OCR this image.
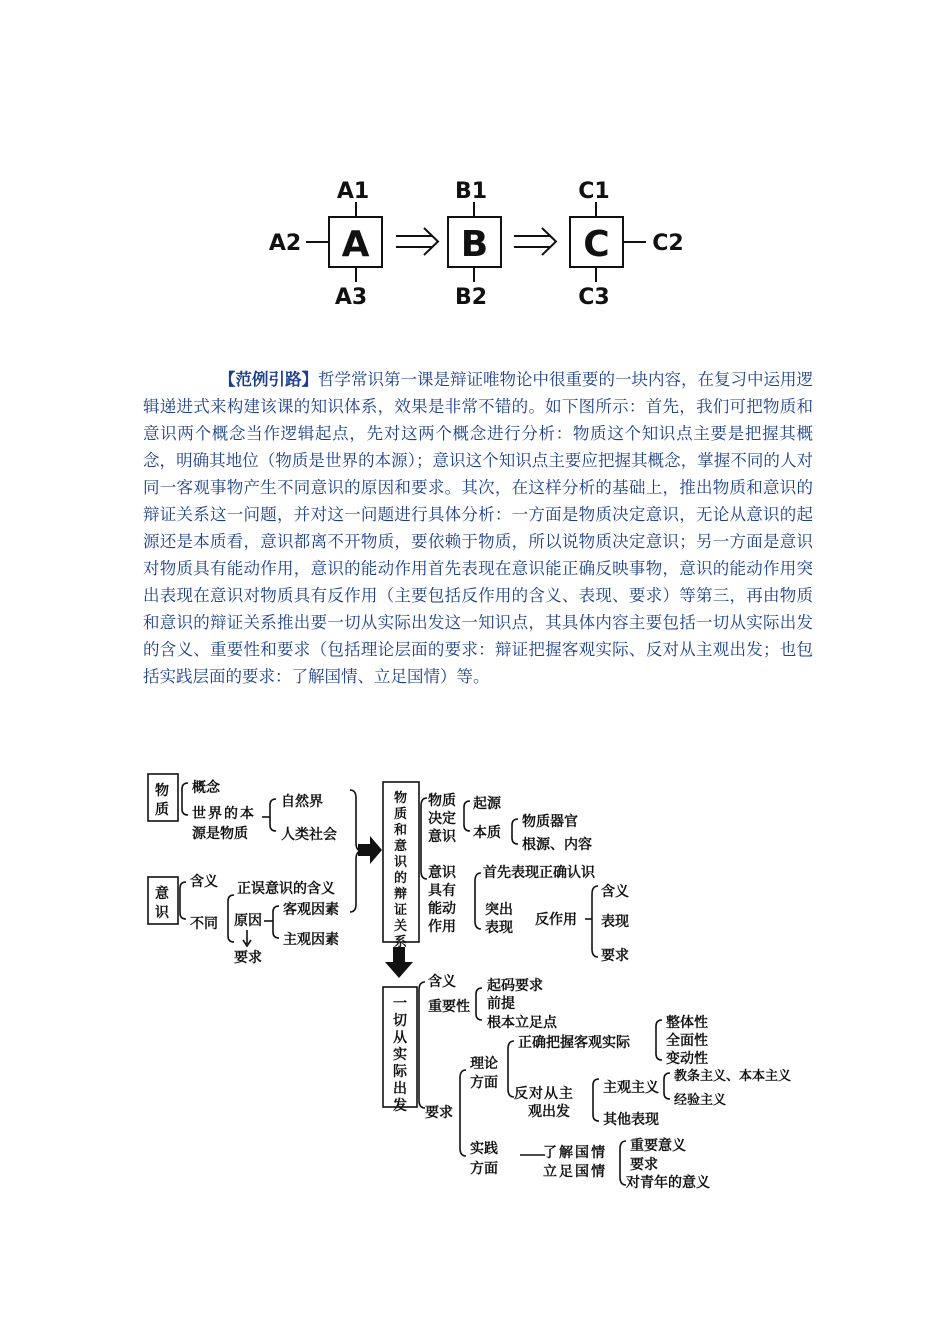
A	B	C
A1
A2
A3
B1
B2
C1
C2
C3

【范例引路】哲学常识第一课是辩证唯物论中很重要的一块内容，在复习中运用逻辑递进式来构建该课的知识体系，效果是非常不错的。如下图所示：首先，我们可把物质和意识两个概念当作逻辑起点，先对这两个概念进行分析：物质这个知识点主要是把握其概念，明确其地位（物质是世界的本源）；意识这个知识点主要应把握其概念，掌握不同的人对同一客观事物产生不同意识的原因和要求。其次，在这样分析的基础上，推出物质和意识的辩证关系这一问题，并对这一问题进行具体分析：一方面是物质决定意识，无论从意识的起源还是本质看，意识都离不开物质，要依赖于物质，所以说物质决定意识；另一方面是意识对物质具有能动作用，意识的能动作用首先表现在意识能正确反映事物，意识的能动作用突出表现在意识对物质具有反作用（主要包括反作用的含义、表现、要求）等第三，再由物质和意识的辩证关系推出要一切从实际出发这一知识点，其具体内容主要包括一切从实际出发的含义、重要性和要求（包括理论层面的要求：辩证把握客观实际、反对从主观出发；也包括实践层面的要求：了解国情、立足国情）等。

物
质
概念
世界的本
源是物质
自然界
人类社会
意
识
含义
不同
正误意识的含义
原因
客观因素
主观因素
要求
物质和意识的辩证关系
物质
决定
意识
起源
本质
物质器官
根源、内容
意识
具有
能动
作用
首先表现正确认识
突出
表现 反作用
含义
表现
要求
一切从实际出发
含义
重要性
起码要求
前提
根本立足点
要求
理论
方面
正确把握客观实际
整体性
全面性
变动性
反对从主
观出发
主观主义
教条主义、本本主义
经验主义
其他表现
实践
方面
了解国情
立足国情
重要意义
要求
对青年的意义
